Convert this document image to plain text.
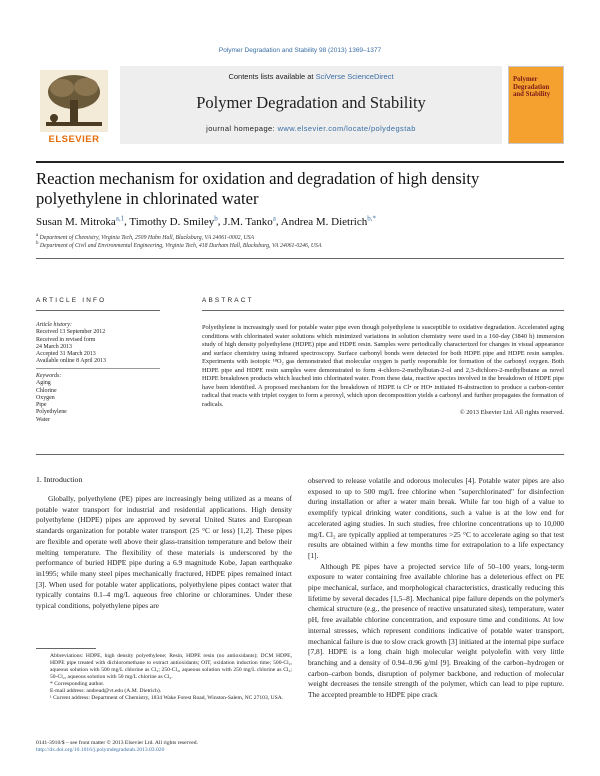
Polymer Degradation and Stability 98 (2013) 1369–1377
ELSEVIER
Contents lists available at SciVerse ScienceDirect
Polymer Degradation and Stability
journal homepage: www.elsevier.com/locate/polydegstab
Polymer Degradation and Stability
Reaction mechanism for oxidation and degradation of high density polyethylene in chlorinated water
Susan M. Mitroka$^{a,1}$, Timothy D. Smiley$^b$, J.M. Tanko$^a$, Andrea M. Dietrich$^{b,*}$
$^a$ Department of Chemistry, Virginia Tech, 2509 Hahn Hall, Blacksburg, VA 24061-0002, USA
$^b$ Department of Civil and Environmental Engineering, Virginia Tech, 418 Durham Hall, Blacksburg, VA 24061-0246, USA
ARTICLE INFO	ABSTRACT
Article history:
Received 13 September 2012
Received in revised form
24 March 2013
Accepted 31 March 2013
Available online 8 April 2013
Keywords:
Aging
Chlorine
Oxygen
Pipe
Polyethylene
Water
Polyethylene is increasingly used for potable water pipe even though polyethylene is susceptible to oxidative degradation. Accelerated aging conditions with chlorinated water solutions which minimized variations in solution chemistry were used in a 160-day (3840 h) immersion study of high density polyethylene (HDPE) pipe and HDPE resin. Samples were periodically characterized for changes in visual appearance and surface chemistry using infrared spectroscopy. Surface carbonyl bonds were detected for both HDPE pipe and HDPE resin samples. Experiments with isotopic ¹⁸O₂ gas demonstrated that molecular oxygen is partly responsible for formation of the carbonyl oxygen. Both HDPE pipe and HDPE resin samples were demonstrated to form 4-chloro-2-methylbutan-2-ol and 2,3-dichloro-2-methylbutane as novel HDPE breakdown products which leached into chlorinated water. From these data, reactive species involved in the breakdown of HDPE pipe have been identified. A proposed mechanism for the breakdown of HDPE is Cl• or HO• initiated H-abstraction to produce a carbon-center radical that reacts with triplet oxygen to form a peroxyl, which upon decomposition yields a carbonyl and further propagates the formation of radicals.
© 2013 Elsevier Ltd. All rights reserved.
1. Introduction

Globally, polyethylene (PE) pipes are increasingly being utilized as a means of potable water transport for industrial and residential applications. High density polyethylene (HDPE) pipes are approved by several United States and European standards organization for potable water transport (25 °C or less) [1,2]. These pipes are flexible and operate well above their glass-transition temperature and below their melting temperature. The flexibility of these materials is underscored by the performance of buried HDPE pipe during a 6.9 magnitude Kobe, Japan earthquake in1995; while many steel pipes mechanically fractured, HDPE pipes remained intact [3]. When used for potable water applications, polyethylene pipes contact water that typically contains 0.1–4 mg/L aqueous free chlorine or chloramines. Under these typical conditions, polyethylene pipes are

observed to release volatile and odorous molecules [4]. Potable water pipes are also exposed to up to 500 mg/L free chlorine when "superchlorinated" for disinfection during installation or after a water main break. While far too high of a value to exemplify typical drinking water conditions, such a value is at the low end for accelerated aging studies. In such studies, free chlorine concentrations up to 10,000 mg/L Cl₂ are typically applied at temperatures >25 °C to accelerate aging so that test results are obtained within a few months time for extrapolation to a life expectancy [1].

Although PE pipes have a projected service life of 50–100 years, long-term exposure to water containing free available chlorine has a deleterious effect on PE pipe mechanical, surface, and morphological characteristics, drastically reducing this lifetime by several decades [1,5–8]. Mechanical pipe failure depends on the polymer's chemical structure (e.g., the presence of reactive unsaturated sites), temperature, water pH, free available chlorine concentration, and exposure time and conditions. At low internal stresses, which represent conditions indicative of potable water transport, mechanical failure is due to slow crack growth [3] initiated at the internal pipe surface [7,8]. HDPE is a long chain high molecular weight polyolefin with very little branching and a density of 0.94–0.96 g/ml [9]. Breaking of the carbon–hydrogen or carbon–carbon bonds, disruption of polymer backbone, and reduction of molecular weight decreases the tensile strength of the polymer, which can lead to pipe rupture. The accepted preamble to HDPE pipe crack

Abbreviations: HDPE, high density polyethylene; Resin, HDPE resin (no antioxidants); DCM HDPE, HDPE pipe treated with dichloromethane to extract antioxidants; OIT, oxidation induction time; 500-Cl₂, aqueous solution with 500 mg/L chlorine as Cl₂; 250-Cl₂, aqueous solution with 250 mg/L chlorine as Cl₂; 50-Cl₂, aqueous solution with 50 mg/L chlorine as Cl₂.
* Corresponding author.
E-mail address: andread@vt.edu (A.M. Dietrich).
¹ Current address: Department of Chemistry, 1834 Wake Forest Road, Winston-Salem, NC 27103, USA.
0141-3910/$ – see front matter © 2013 Elsevier Ltd. All rights reserved.
http://dx.doi.org/10.1016/j.polymdegradstab.2013.03.020
